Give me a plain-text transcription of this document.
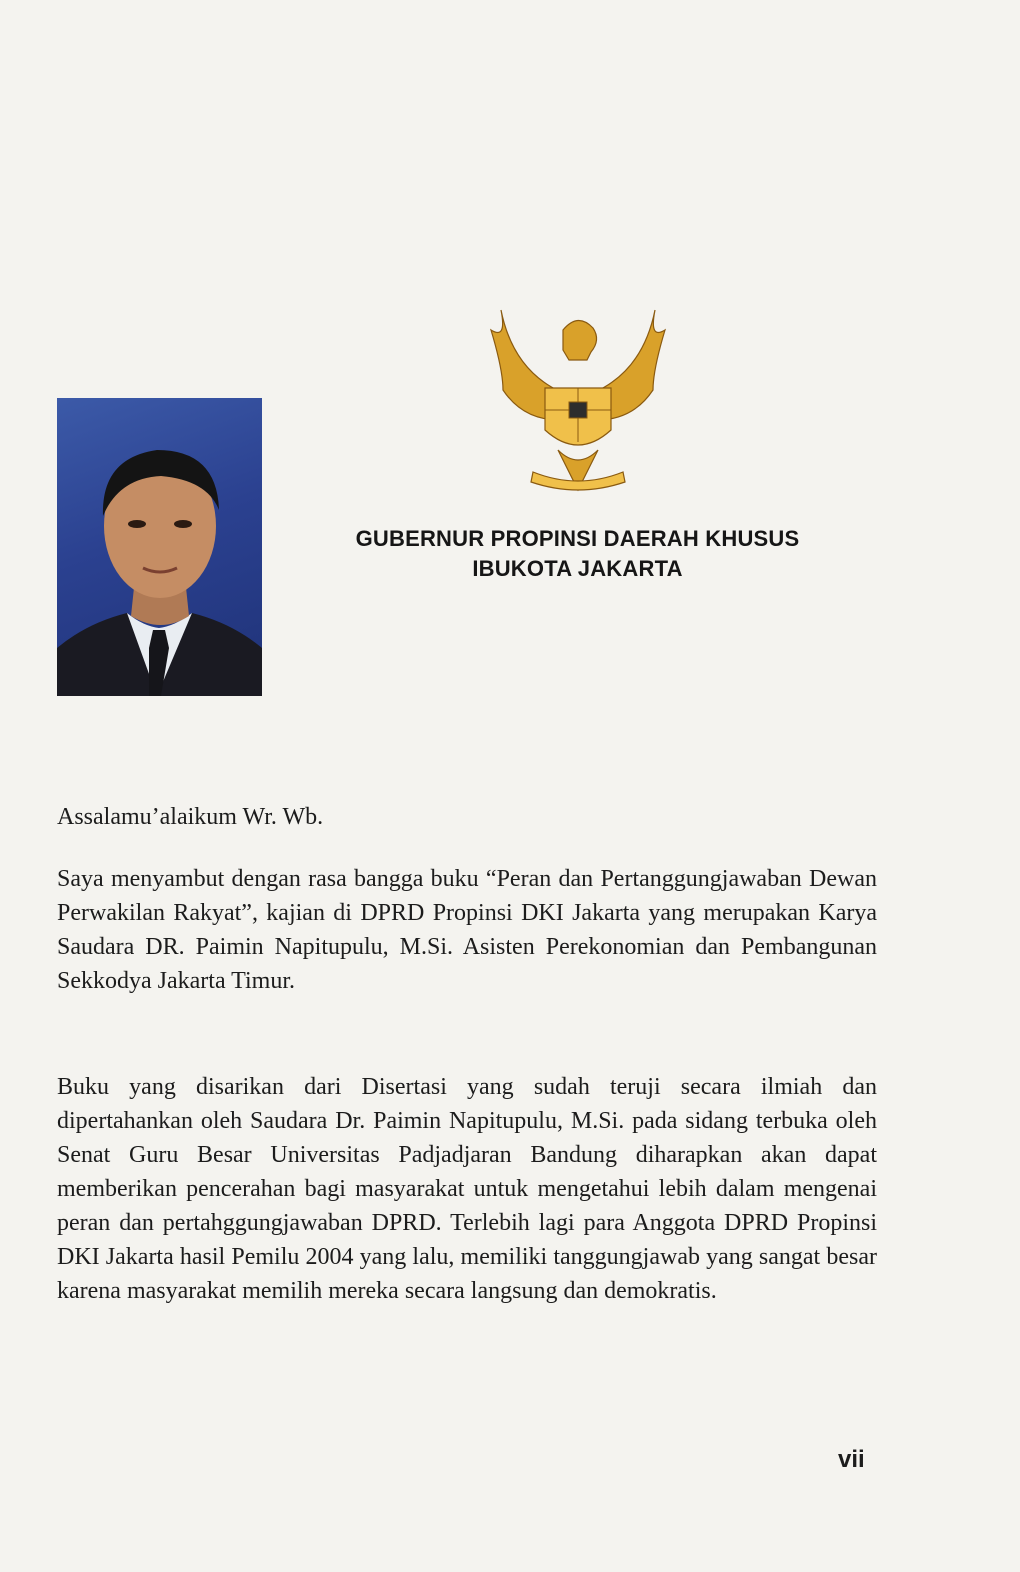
GUBERNUR PROPINSI DAERAH KHUSUS
IBUKOTA JAKARTA
Assalamu’alaikum Wr. Wb.
Saya menyambut dengan rasa bangga buku “Peran dan Pertanggungjawaban Dewan Perwakilan Rakyat”, kajian di DPRD Propinsi DKI Jakarta yang merupakan Karya Saudara DR. Paimin Napitupulu, M.Si. Asisten Perekonomian dan Pembangunan Sekkodya Jakarta Timur.
Buku yang disarikan dari Disertasi yang sudah teruji secara ilmiah dan dipertahankan oleh Saudara Dr. Paimin Napitupulu, M.Si. pada sidang terbuka oleh Senat Guru Besar Universitas Padjadjaran Bandung diharapkan akan dapat memberikan pencerahan bagi masyarakat untuk mengetahui lebih dalam mengenai peran dan pertahggungjawaban DPRD. Terlebih lagi para Anggota DPRD Propinsi DKI Jakarta hasil Pemilu 2004 yang lalu, memiliki tanggungjawab yang sangat besar karena masyarakat memilih mereka secara langsung dan demokratis.
vii
